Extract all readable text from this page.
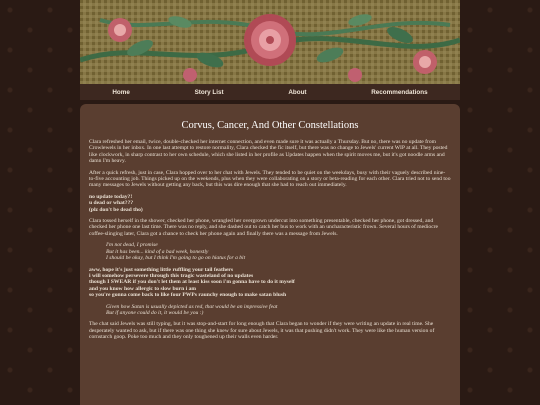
Home	Story List	About	Recommendations
Corvus, Cancer, And Other Constellations

Clara refreshed her email, twice, double-checked her internet connection, and even made sure it was actually a Thursday. But no, there was no update from Crowlewels in her inbox. In one last attempt to restore normality, Clara checked the fic itself, but there was no change to Jewels' current WIP at all. They posted like clockwork, in sharp contrast to her own schedule, which she listed in her profile as Updates happen when the spirit moves me, but it's got noodle arms and damn I'm heavy.

After a quick refresh, just in case, Clara hopped over to her chat with Jewels. They tended to be quiet on the weekdays, busy with their vaguely described nine-to-five accounting job. Things picked up on the weekends, plus when they were collaborating on a story or beta-reading for each other. Clara tried not to send too many messages to Jewels without getting any back, but this was dire enough that she had to reach out immediately.

no update today?!
u dead or what???
(plz don't be dead tho)

Clara tossed herself in the shower, checked her phone, wrangled her overgrown undercut into something presentable, checked her phone, got dressed, and checked her phone one last time. There was no reply, and she dashed out to catch her bus to work with an uncharacteristic frown. Several hours of mediocre coffee-slinging later, Clara got a chance to check her phone again and finally there was a message from Jewels.

I'm not dead, I promise
But it has been... kind of a bad week, honestly
I should be okay, but I think I'm going to go on hiatus for a bit

aww, hope it's just something little ruffling your tail feathers
i will somehow persevere through this tragic wasteland of no updates
though I SWEAR if you don't let them at least kiss soon i'm gonna have to do it myself
and you know how allergic to slow burn i am
so you're gonna come back to like four PWPs raunchy enough to make satan blush

Given how Satan is usually depicted as red, that would be an impressive feat
But if anyone could do it, it would be you :)

The chat said Jewels was still typing, but it was stop-and-start for long enough that Clara began to wonder if they were writing an update in real time. She desperately wanted to ask, but if there was one thing she knew for sure about Jewels, it was that pushing didn't work. They were like the human version of cornstarch goop. Poke too much and they only toughened up their walls even harder.
